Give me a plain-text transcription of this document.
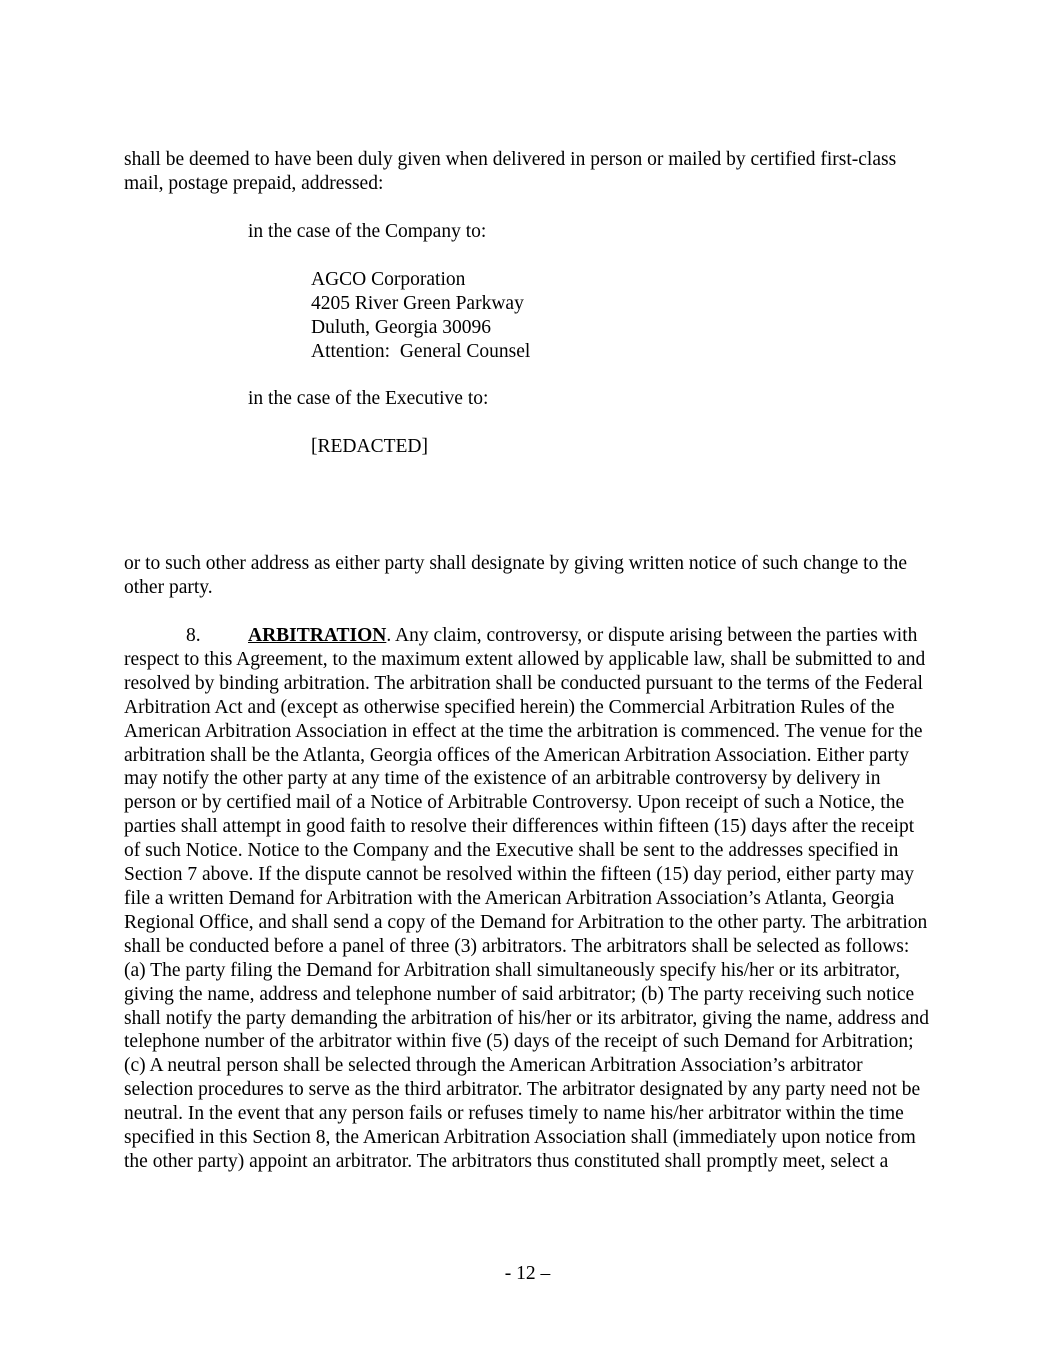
shall be deemed to have been duly given when delivered in person or mailed by certified first-class mail, postage prepaid, addressed:
in the case of the Company to:
AGCO Corporation
4205 River Green Parkway
Duluth, Georgia 30096
Attention:  General Counsel
in the case of the Executive to:
[REDACTED]
or to such other address as either party shall designate by giving written notice of such change to the other party.
8. ARBITRATION. Any claim, controversy, or dispute arising between the parties with respect to this Agreement, to the maximum extent allowed by applicable law, shall be submitted to and resolved by binding arbitration. The arbitration shall be conducted pursuant to the terms of the Federal Arbitration Act and (except as otherwise specified herein) the Commercial Arbitration Rules of the American Arbitration Association in effect at the time the arbitration is commenced. The venue for the arbitration shall be the Atlanta, Georgia offices of the American Arbitration Association. Either party may notify the other party at any time of the existence of an arbitrable controversy by delivery in person or by certified mail of a Notice of Arbitrable Controversy. Upon receipt of such a Notice, the parties shall attempt in good faith to resolve their differences within fifteen (15) days after the receipt of such Notice. Notice to the Company and the Executive shall be sent to the addresses specified in Section 7 above. If the dispute cannot be resolved within the fifteen (15) day period, either party may file a written Demand for Arbitration with the American Arbitration Association’s Atlanta, Georgia Regional Office, and shall send a copy of the Demand for Arbitration to the other party. The arbitration shall be conducted before a panel of three (3) arbitrators. The arbitrators shall be selected as follows: (a) The party filing the Demand for Arbitration shall simultaneously specify his/her or its arbitrator, giving the name, address and telephone number of said arbitrator; (b) The party receiving such notice shall notify the party demanding the arbitration of his/her or its arbitrator, giving the name, address and telephone number of the arbitrator within five (5) days of the receipt of such Demand for Arbitration; (c) A neutral person shall be selected through the American Arbitration Association’s arbitrator selection procedures to serve as the third arbitrator. The arbitrator designated by any party need not be neutral. In the event that any person fails or refuses timely to name his/her arbitrator within the time specified in this Section 8, the American Arbitration Association shall (immediately upon notice from the other party) appoint an arbitrator. The arbitrators thus constituted shall promptly meet, select a
- 12 –
